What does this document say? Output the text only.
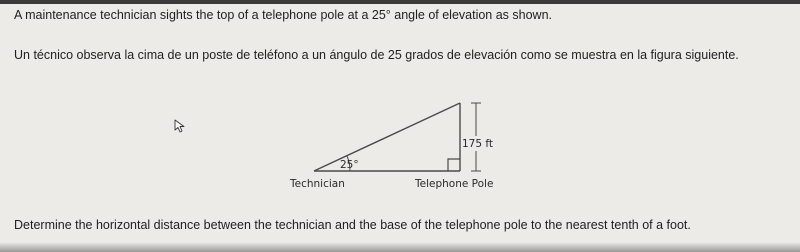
A maintenance technician sights the top of a telephone pole at a 25° angle of elevation as shown.
Un técnico observa la cima de un poste de teléfono a un ángulo de 25 grados de elevación como se muestra en la figura siguiente.
25°
175 ft
Technician	Telephone Pole
Determine the horizontal distance between the technician and the base of the telephone pole to the nearest tenth of a foot.
